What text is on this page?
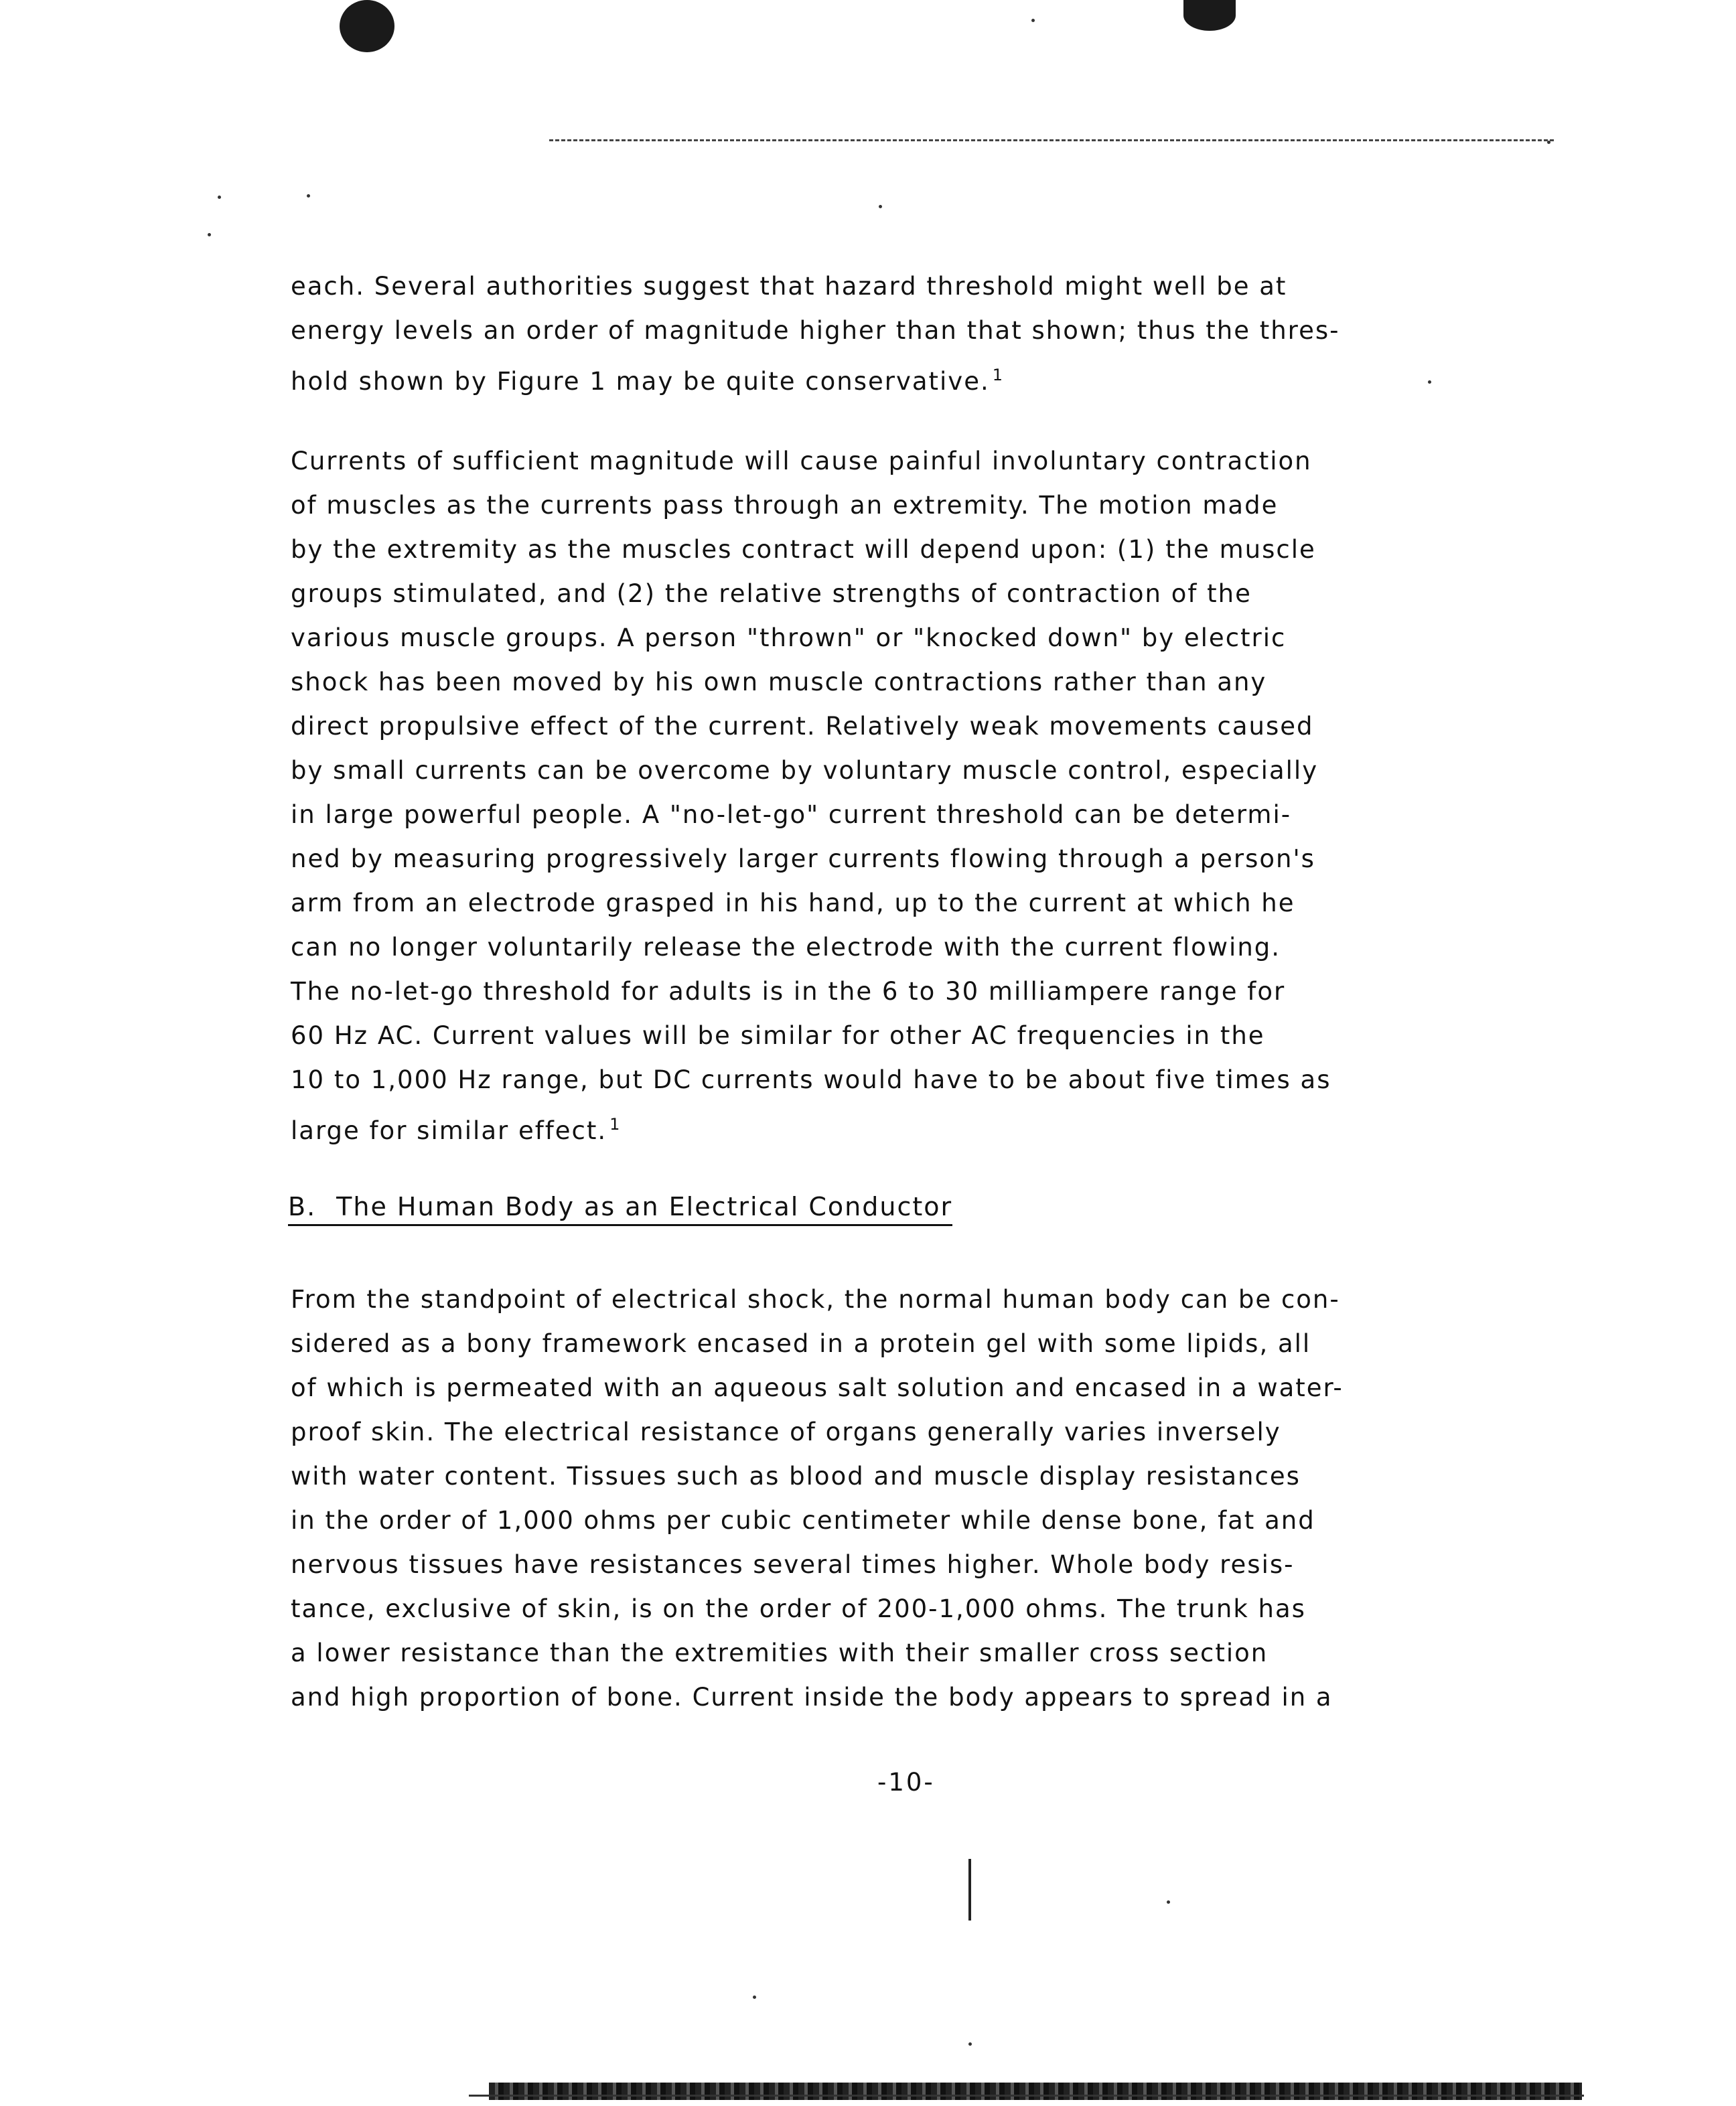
each. Several authorities suggest that hazard threshold might well be at
energy levels an order of magnitude higher than that shown; thus the thres-
hold shown by Figure 1 may be quite conservative. $^1$

Currents of sufficient magnitude will cause painful involuntary contraction
of muscles as the currents pass through an extremity. The motion made
by the extremity as the muscles contract will depend upon: (1) the muscle
groups stimulated, and (2) the relative strengths of contraction of the
various muscle groups. A person "thrown" or "knocked down" by electric
shock has been moved by his own muscle contractions rather than any
direct propulsive effect of the current. Relatively weak movements caused
by small currents can be overcome by voluntary muscle control, especially
in large powerful people. A "no-let-go" current threshold can be determi-
ned by measuring progressively larger currents flowing through a person's
arm from an electrode grasped in his hand, up to the current at which he
can no longer voluntarily release the electrode with the current flowing.
The no-let-go threshold for adults is in the 6 to 30 milliampere range for
60 Hz AC. Current values will be similar for other AC frequencies in the
10 to 1,000 Hz range, but DC currents would have to be about five times as
large for similar effect. $^1$

B. The Human Body as an Electrical Conductor

From the standpoint of electrical shock, the normal human body can be con-
sidered as a bony framework encased in a protein gel with some lipids, all
of which is permeated with an aqueous salt solution and encased in a water-
proof skin. The electrical resistance of organs generally varies inversely
with water content. Tissues such as blood and muscle display resistances
in the order of 1,000 ohms per cubic centimeter while dense bone, fat and
nervous tissues have resistances several times higher. Whole body resis-
tance, exclusive of skin, is on the order of 200-1,000 ohms. The trunk has
a lower resistance than the extremities with their smaller cross section
and high proportion of bone. Current inside the body appears to spread in a

-10-
